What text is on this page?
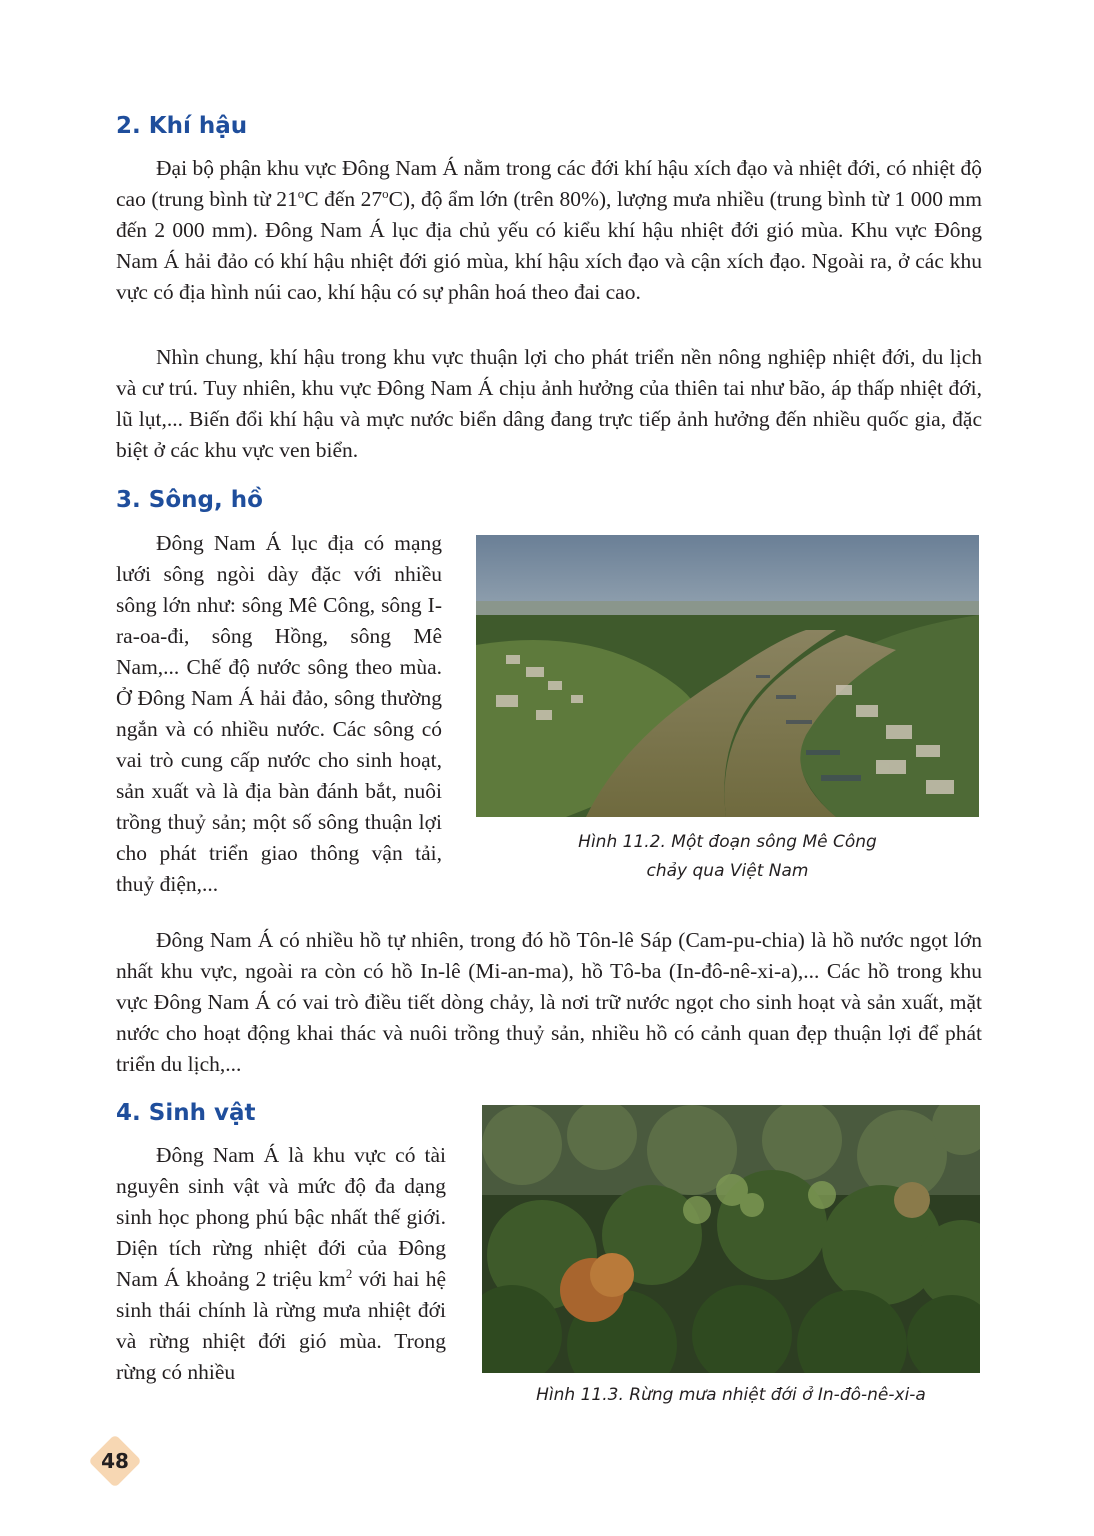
2. Khí hậu

Đại bộ phận khu vực Đông Nam Á nằm trong các đới khí hậu xích đạo và nhiệt đới, có nhiệt độ cao (trung bình từ 21$^o$C đến 27$^o$C), độ ẩm lớn (trên 80%), lượng mưa nhiều (trung bình từ 1 000 mm đến 2 000 mm). Đông Nam Á lục địa chủ yếu có kiểu khí hậu nhiệt đới gió mùa. Khu vực Đông Nam Á hải đảo có khí hậu nhiệt đới gió mùa, khí hậu xích đạo và cận xích đạo. Ngoài ra, ở các khu vực có địa hình núi cao, khí hậu có sự phân hoá theo đai cao.

Nhìn chung, khí hậu trong khu vực thuận lợi cho phát triển nền nông nghiệp nhiệt đới, du lịch và cư trú. Tuy nhiên, khu vực Đông Nam Á chịu ảnh hưởng của thiên tai như bão, áp thấp nhiệt đới, lũ lụt,... Biến đổi khí hậu và mực nước biển dâng đang trực tiếp ảnh hưởng đến nhiều quốc gia, đặc biệt ở các khu vực ven biển.

3. Sông, hồ

Đông Nam Á lục địa có mạng lưới sông ngòi dày đặc với nhiều sông lớn như: sông Mê Công, sông I-ra-oa-đi, sông Hồng, sông Mê Nam,... Chế độ nước sông theo mùa. Ở Đông Nam Á hải đảo, sông thường ngắn và có nhiều nước. Các sông có vai trò cung cấp nước cho sinh hoạt, sản xuất và là địa bàn đánh bắt, nuôi trồng thuỷ sản; một số sông thuận lợi cho phát triển giao thông vận tải, thuỷ điện,...

Hình 11.2. Một đoạn sông Mê Công
chảy qua Việt Nam

Đông Nam Á có nhiều hồ tự nhiên, trong đó hồ Tôn-lê Sáp (Cam-pu-chia) là hồ nước ngọt lớn nhất khu vực, ngoài ra còn có hồ In-lê (Mi-an-ma), hồ Tô-ba (In-đô-nê-xi-a),... Các hồ trong khu vực Đông Nam Á có vai trò điều tiết dòng chảy, là nơi trữ nước ngọt cho sinh hoạt và sản xuất, mặt nước cho hoạt động khai thác và nuôi trồng thuỷ sản, nhiều hồ có cảnh quan đẹp thuận lợi để phát triển du lịch,...

4. Sinh vật

Đông Nam Á là khu vực có tài nguyên sinh vật và mức độ đa dạng sinh học phong phú bậc nhất thế giới. Diện tích rừng nhiệt đới của Đông Nam Á khoảng 2 triệu $km^2$ với hai hệ sinh thái chính là rừng mưa nhiệt đới và rừng nhiệt đới gió mùa. Trong rừng có nhiều

Hình 11.3. Rừng mưa nhiệt đới ở In-đô-nê-xi-a

48
